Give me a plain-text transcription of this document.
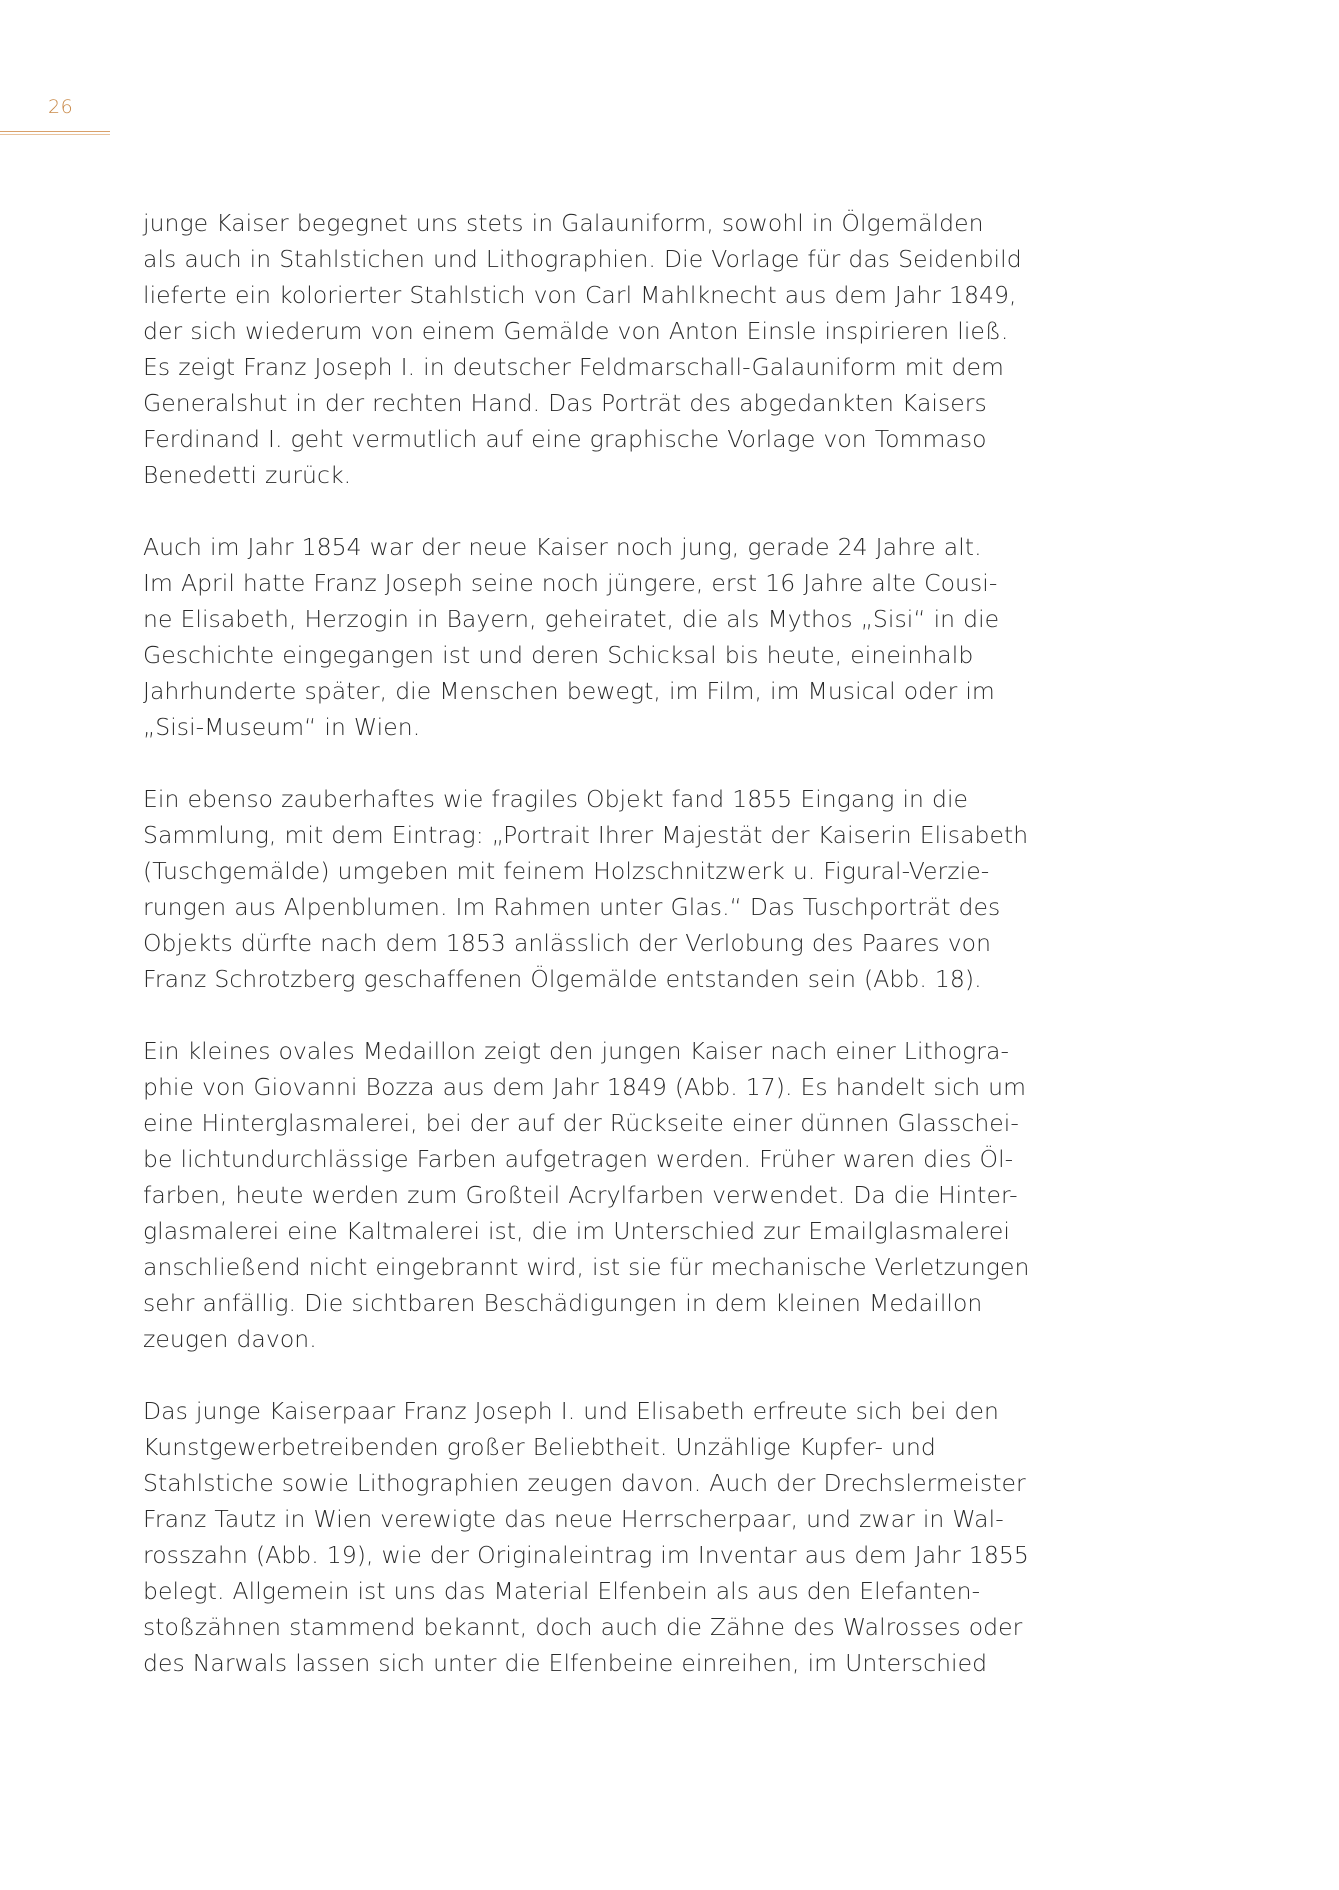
26

junge Kaiser begegnet uns stets in Galauniform, sowohl in Ölgemälden
als auch in Stahlstichen und Lithographien. Die Vorlage für das Seidenbild
lieferte ein kolorierter Stahlstich von Carl Mahlknecht aus dem Jahr 1849,
der sich wiederum von einem Gemälde von Anton Einsle inspirieren ließ.
Es zeigt Franz Joseph I. in deutscher Feldmarschall-Galauniform mit dem
Generalshut in der rechten Hand. Das Porträt des abgedankten Kaisers
Ferdinand I. geht vermutlich auf eine graphische Vorlage von Tommaso
Benedetti zurück.

Auch im Jahr 1854 war der neue Kaiser noch jung, gerade 24 Jahre alt.
Im April hatte Franz Joseph seine noch jüngere, erst 16 Jahre alte Cousi-
ne Elisabeth, Herzogin in Bayern, geheiratet, die als Mythos „Sisi“ in die
Geschichte eingegangen ist und deren Schicksal bis heute, eineinhalb
Jahrhunderte später, die Menschen bewegt, im Film, im Musical oder im
„Sisi-Museum“ in Wien.

Ein ebenso zauberhaftes wie fragiles Objekt fand 1855 Eingang in die
Sammlung, mit dem Eintrag: „Portrait Ihrer Majestät der Kaiserin Elisabeth
(Tuschgemälde) umgeben mit feinem Holzschnitzwerk u. Figural-Verzie-
rungen aus Alpenblumen. Im Rahmen unter Glas.“ Das Tuschporträt des
Objekts dürfte nach dem 1853 anlässlich der Verlobung des Paares von
Franz Schrotzberg geschaffenen Ölgemälde entstanden sein (Abb. 18).

Ein kleines ovales Medaillon zeigt den jungen Kaiser nach einer Lithogra-
phie von Giovanni Bozza aus dem Jahr 1849 (Abb. 17). Es handelt sich um
eine Hinterglasmalerei, bei der auf der Rückseite einer dünnen Glasschei-
be lichtundurchlässige Farben aufgetragen werden. Früher waren dies Öl-
farben, heute werden zum Großteil Acrylfarben verwendet. Da die Hinter-
glasmalerei eine Kaltmalerei ist, die im Unterschied zur Emailglasmalerei
anschließend nicht eingebrannt wird, ist sie für mechanische Verletzungen
sehr anfällig. Die sichtbaren Beschädigungen in dem kleinen Medaillon
zeugen davon.

Das junge Kaiserpaar Franz Joseph I. und Elisabeth erfreute sich bei den
Kunstgewerbetreibenden großer Beliebtheit. Unzählige Kupfer- und
Stahlstiche sowie Lithographien zeugen davon. Auch der Drechslermeister
Franz Tautz in Wien verewigte das neue Herrscherpaar, und zwar in Wal-
rosszahn (Abb. 19), wie der Originaleintrag im Inventar aus dem Jahr 1855
belegt. Allgemein ist uns das Material Elfenbein als aus den Elefanten-
stoßzähnen stammend bekannt, doch auch die Zähne des Walrosses oder
des Narwals lassen sich unter die Elfenbeine einreihen, im Unterschied
